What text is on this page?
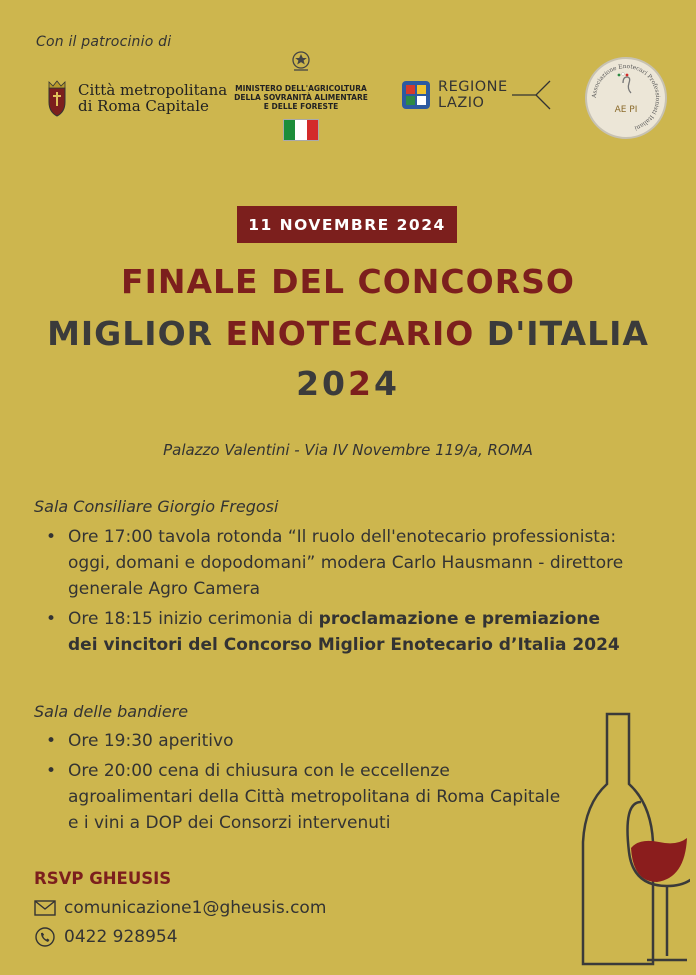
Con il patrocinio di
Città metropolitana
di Roma Capitale
MINISTERO DELL'AGRICOLTURA
DELLA SOVRANITÀ ALIMENTARE
E DELLE FORESTE
REGIONE
LAZIO	Associazione Enotecari Professionisti Italiani
AE PI
11 NOVEMBRE 2024
FINALE DEL CONCORSO
MIGLIOR ENOTECARIO D'ITALIA
2024
Palazzo Valentini - Via IV Novembre 119/a, ROMA
Sala Consiliare Giorgio Fregosi
• Ore 17:00 tavola rotonda “Il ruolo dell'enotecario professionista:
oggi, domani e dopodomani” modera Carlo Hausmann - direttore
generale Agro Camera
• Ore 18:15 inizio cerimonia di proclamazione e premiazione
dei vincitori del Concorso Miglior Enotecario d’Italia 2024
Sala delle bandiere
• Ore 19:30 aperitivo
• Ore 20:00 cena di chiusura con le eccellenze
agroalimentari della Città metropolitana di Roma Capitale
e i vini a DOP dei Consorzi intervenuti
RSVP GHEUSIS
comunicazione1@gheusis.com
0422 928954
